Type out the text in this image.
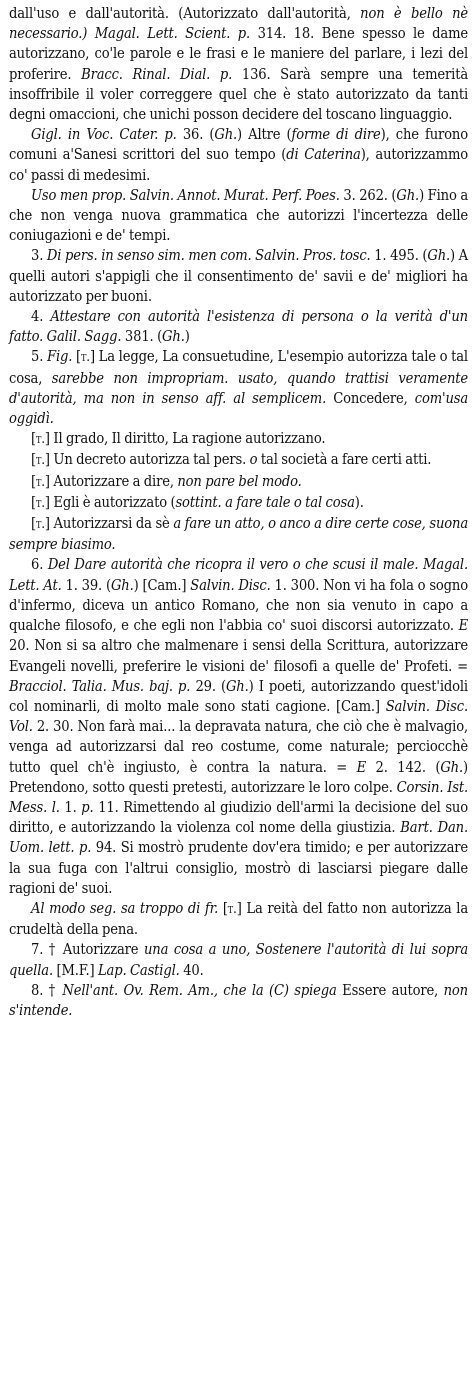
dall'uso e dall'autorità. (Autorizzato dall'autorità, non è bello nè necessario.) Magal. Lett. Scient. p. 314. 18. Bene spesso le dame autorizzano, co'le parole e le frasi e le maniere del parlare, i lezi del proferire. Bracc. Rinal. Dial. p. 136. Sarà sempre una temerità insoffribile il voler correggere quel che è stato autorizzato da tanti degni omaccioni, che unichi posson decidere del toscano linguaggio.

Gigl. in Voc. Cater. p. 36. (Gh.) Altre (forme di dire), che furono comuni a'Sanesi scrittori del suo tempo (di Caterina), autorizzammo co' passi di medesimi.

Uso men prop. Salvin. Annot. Murat. Perf. Poes. 3. 262. (Gh.) Fino a che non venga nuova grammatica che autorizzi l'incertezza delle coniugazioni e de' tempi.

3. Di pers. in senso sim. men com. Salvin. Pros. tosc. 1. 495. (Gh.) A quelli autori s'appigli che il consentimento de' savii e de' migliori ha autorizzato per buoni.

4. Attestare con autorità l'esistenza di persona o la verità d'un fatto. Galil. Sagg. 381. (Gh.)

5. Fig. [t.] La legge, La consuetudine, L'esempio autorizza tale o tal cosa, sarebbe non impropriam. usato, quando trattisi veramente d'autorità, ma non in senso aff. al semplicem. Concedere, com'usa oggidì.

[t.] Il grado, Il diritto, La ragione autorizzano.

[t.] Un decreto autorizza tal pers. o tal società a fare certi atti.

[t.] Autorizzare a dire, non pare bel modo.

[t.] Egli è autorizzato (sottint. a fare tale o tal cosa).

[t.] Autorizzarsi da sè a fare un atto, o anco a dire certe cose, suona sempre biasimo.

6. Del Dare autorità che ricopra il vero o che scusi il male. Magal. Lett. At. 1. 39. (Gh.) [Cam.] Salvin. Disc. 1. 300. Non vi ha fola o sogno d'infermo, diceva un antico Romano, che non sia venuto in capo a qualche filosofo, e che egli non l'abbia co' suoi discorsi autorizzato. E 20. Non si sa altro che malmenare i sensi della Scrittura, autorizzare Evangeli novelli, preferire le visioni de' filosofi a quelle de' Profeti. = Bracciol. Talia. Mus. baj. p. 29. (Gh.) I poeti, autorizzando quest'idoli col nominarli, di molto male sono stati cagione. [Cam.] Salvin. Disc. Vol. 2. 30. Non farà mai... la depravata natura, che ciò che è malvagio, venga ad autorizzarsi dal reo costume, come naturale; perciocchè tutto quel ch'è ingiusto, è contra la natura. = E 2. 142. (Gh.) Pretendono, sotto questi pretesti, autorizzare le loro colpe. Corsin. Ist. Mess. l. 1. p. 11. Rimettendo al giudizio dell'armi la decisione del suo diritto, e autorizzando la violenza col nome della giustizia. Bart. Dan. Uom. lett. p. 94. Si mostrò prudente dov'era timido; e per autorizzare la sua fuga con l'altrui consiglio, mostrò di lasciarsi piegare dalle ragioni de' suoi.

Al modo seg. sa troppo di fr. [t.] La reità del fatto non autorizza la crudeltà della pena.

7. † Autorizzare una cosa a uno, Sostenere l'autorità di lui sopra quella. [M.F.] Lap. Castigl. 40.

8. † Nell'ant. Ov. Rem. Am., che la (C) spiega Essere autore, non s'intende.
